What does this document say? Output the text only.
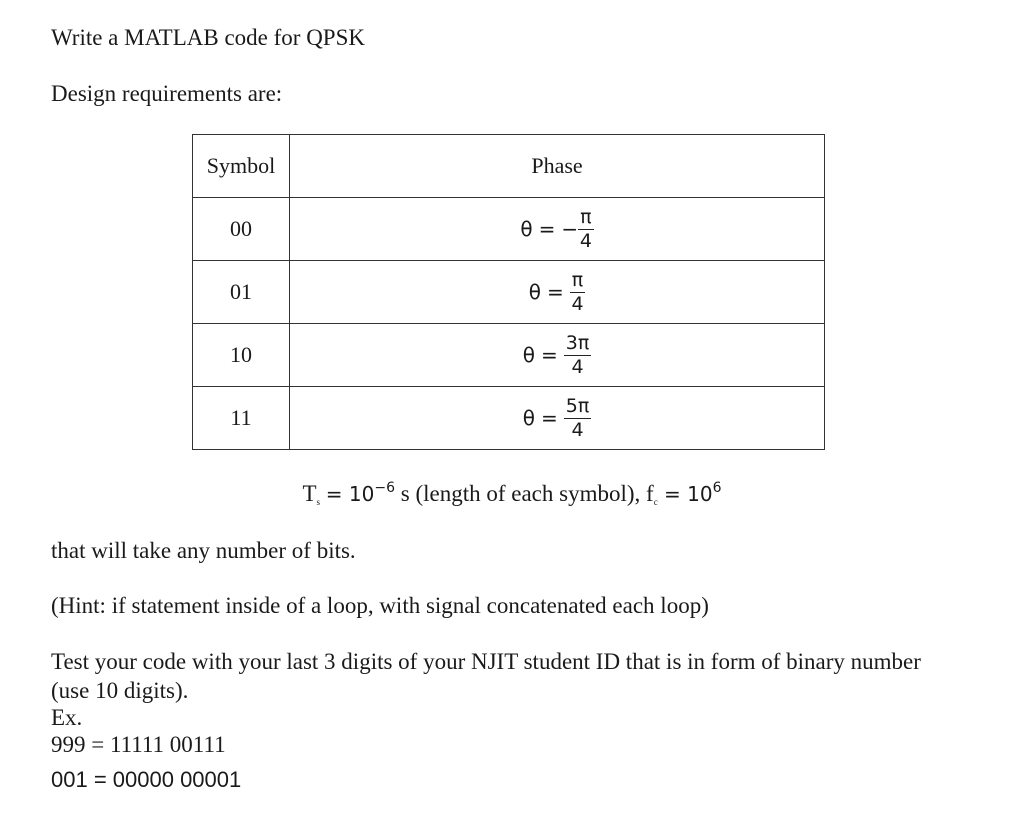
Write a MATLAB code for QPSK
Design requirements are:
Symbol	Phase
00	θ = − $\frac{\pi}{4}$

01	$\theta = \frac{\pi}{4}$

10	$\theta = \frac{3\pi}{4}$

11	$\theta = \frac{5\pi}{4}$
$T_s = 10^{-6}$ s (length of each symbol), $f_c = 10^6$
that will take any number of bits.
(Hint: if statement inside of a loop, with signal concatenated each loop)
Test your code with your last 3 digits of your NJIT student ID that is in form of binary number
(use 10 digits).
Ex.
999 = 11111 00111
001 = 00000 00001
